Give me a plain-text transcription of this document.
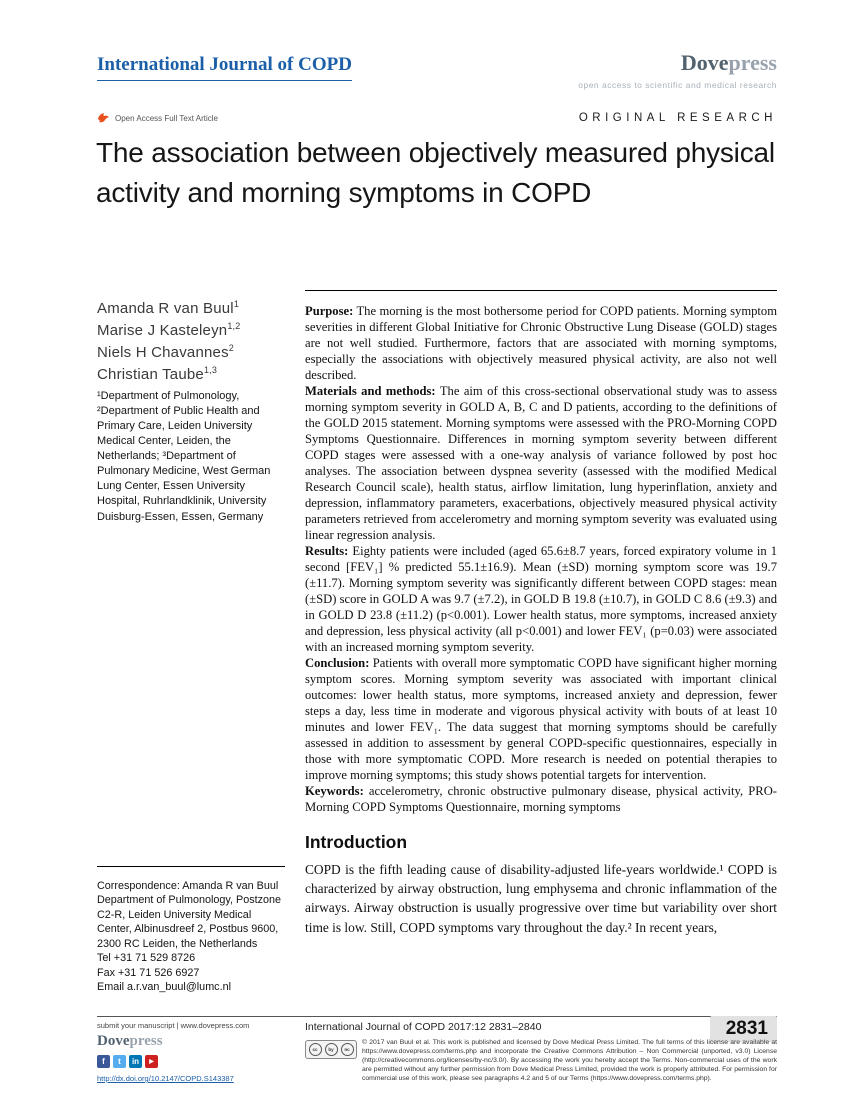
International Journal of COPD	Dovepress
open access to scientific and medical research
Open Access Full Text Article	ORIGINAL RESEARCH
The association between objectively measured physical activity and morning symptoms in COPD
Amanda R van Buul$^1$
Marise J Kasteleyn$^{1,2}$
Niels H Chavannes$^2$
Christian Taube$^{1,3}$
¹Department of Pulmonology, ²Department of Public Health and Primary Care, Leiden University Medical Center, Leiden, the Netherlands; ³Department of Pulmonary Medicine, West German Lung Center, Essen University Hospital, Ruhrlandklinik, University Duisburg-Essen, Essen, Germany
Correspondence: Amanda R van Buul
Department of Pulmonology, Postzone C2-R, Leiden University Medical Center, Albinusdreef 2, Postbus 9600, 2300 RC Leiden, the Netherlands
Tel +31 71 529 8726
Fax +31 71 526 6927
Email a.r.van_buul@lumc.nl

Purpose: The morning is the most bothersome period for COPD patients. Morning symptom severities in different Global Initiative for Chronic Obstructive Lung Disease (GOLD) stages are not well studied. Furthermore, factors that are associated with morning symptoms, especially the associations with objectively measured physical activity, are also not well described.

Materials and methods: The aim of this cross-sectional observational study was to assess morning symptom severity in GOLD A, B, C and D patients, according to the definitions of the GOLD 2015 statement. Morning symptoms were assessed with the PRO-Morning COPD Symptoms Questionnaire. Differences in morning symptom severity between different COPD stages were assessed with a one-way analysis of variance followed by post hoc analyses. The association between dyspnea severity (assessed with the modified Medical Research Council scale), health status, airflow limitation, lung hyperinflation, anxiety and depression, inflammatory parameters, exacerbations, objectively measured physical activity parameters retrieved from accelerometry and morning symptom severity was evaluated using linear regression analysis.

Results: Eighty patients were included (aged 65.6±8.7 years, forced expiratory volume in 1 second [FEV₁] % predicted 55.1±16.9). Mean (±SD) morning symptom score was 19.7 (±11.7). Morning symptom severity was significantly different between COPD stages: mean (±SD) score in GOLD A was 9.7 (±7.2), in GOLD B 19.8 (±10.7), in GOLD C 8.6 (±9.3) and in GOLD D 23.8 (±11.2) (p<0.001). Lower health status, more symptoms, increased anxiety and depression, less physical activity (all p<0.001) and lower FEV₁ (p=0.03) were associated with an increased morning symptom severity.

Conclusion: Patients with overall more symptomatic COPD have significant higher morning symptom scores. Morning symptom severity was associated with important clinical outcomes: lower health status, more symptoms, increased anxiety and depression, fewer steps a day, less time in moderate and vigorous physical activity with bouts of at least 10 minutes and lower FEV₁. The data suggest that morning symptoms should be carefully assessed in addition to assessment by general COPD-specific questionnaires, especially in those with more symptomatic COPD. More research is needed on potential therapies to improve morning symptoms; this study shows potential targets for intervention.

Keywords: accelerometry, chronic obstructive pulmonary disease, physical activity, PRO-Morning COPD Symptoms Questionnaire, morning symptoms

Introduction
COPD is the fifth leading cause of disability-adjusted life-years worldwide.¹ COPD is characterized by airway obstruction, lung emphysema and chronic inflammation of the airways. Airway obstruction is usually progressive over time but variability over short time is low. Still, COPD symptoms vary throughout the day.² In recent years,
submit your manuscript | www.dovepress.com
Dovepress
f	t	in	▶
http://dx.doi.org/10.2147/COPD.S143387
International Journal of COPD 2017:12 2831–2840	2831
cc	by	nc
© 2017 van Buul et al. This work is published and licensed by Dove Medical Press Limited. The full terms of this license are available at https://www.dovepress.com/terms.php and incorporate the Creative Commons Attribution – Non Commercial (unported, v3.0) License (http://creativecommons.org/licenses/by-nc/3.0/). By accessing the work you hereby accept the Terms. Non-commercial uses of the work are permitted without any further permission from Dove Medical Press Limited, provided the work is properly attributed. For permission for commercial use of this work, please see paragraphs 4.2 and 5 of our Terms (https://www.dovepress.com/terms.php).
